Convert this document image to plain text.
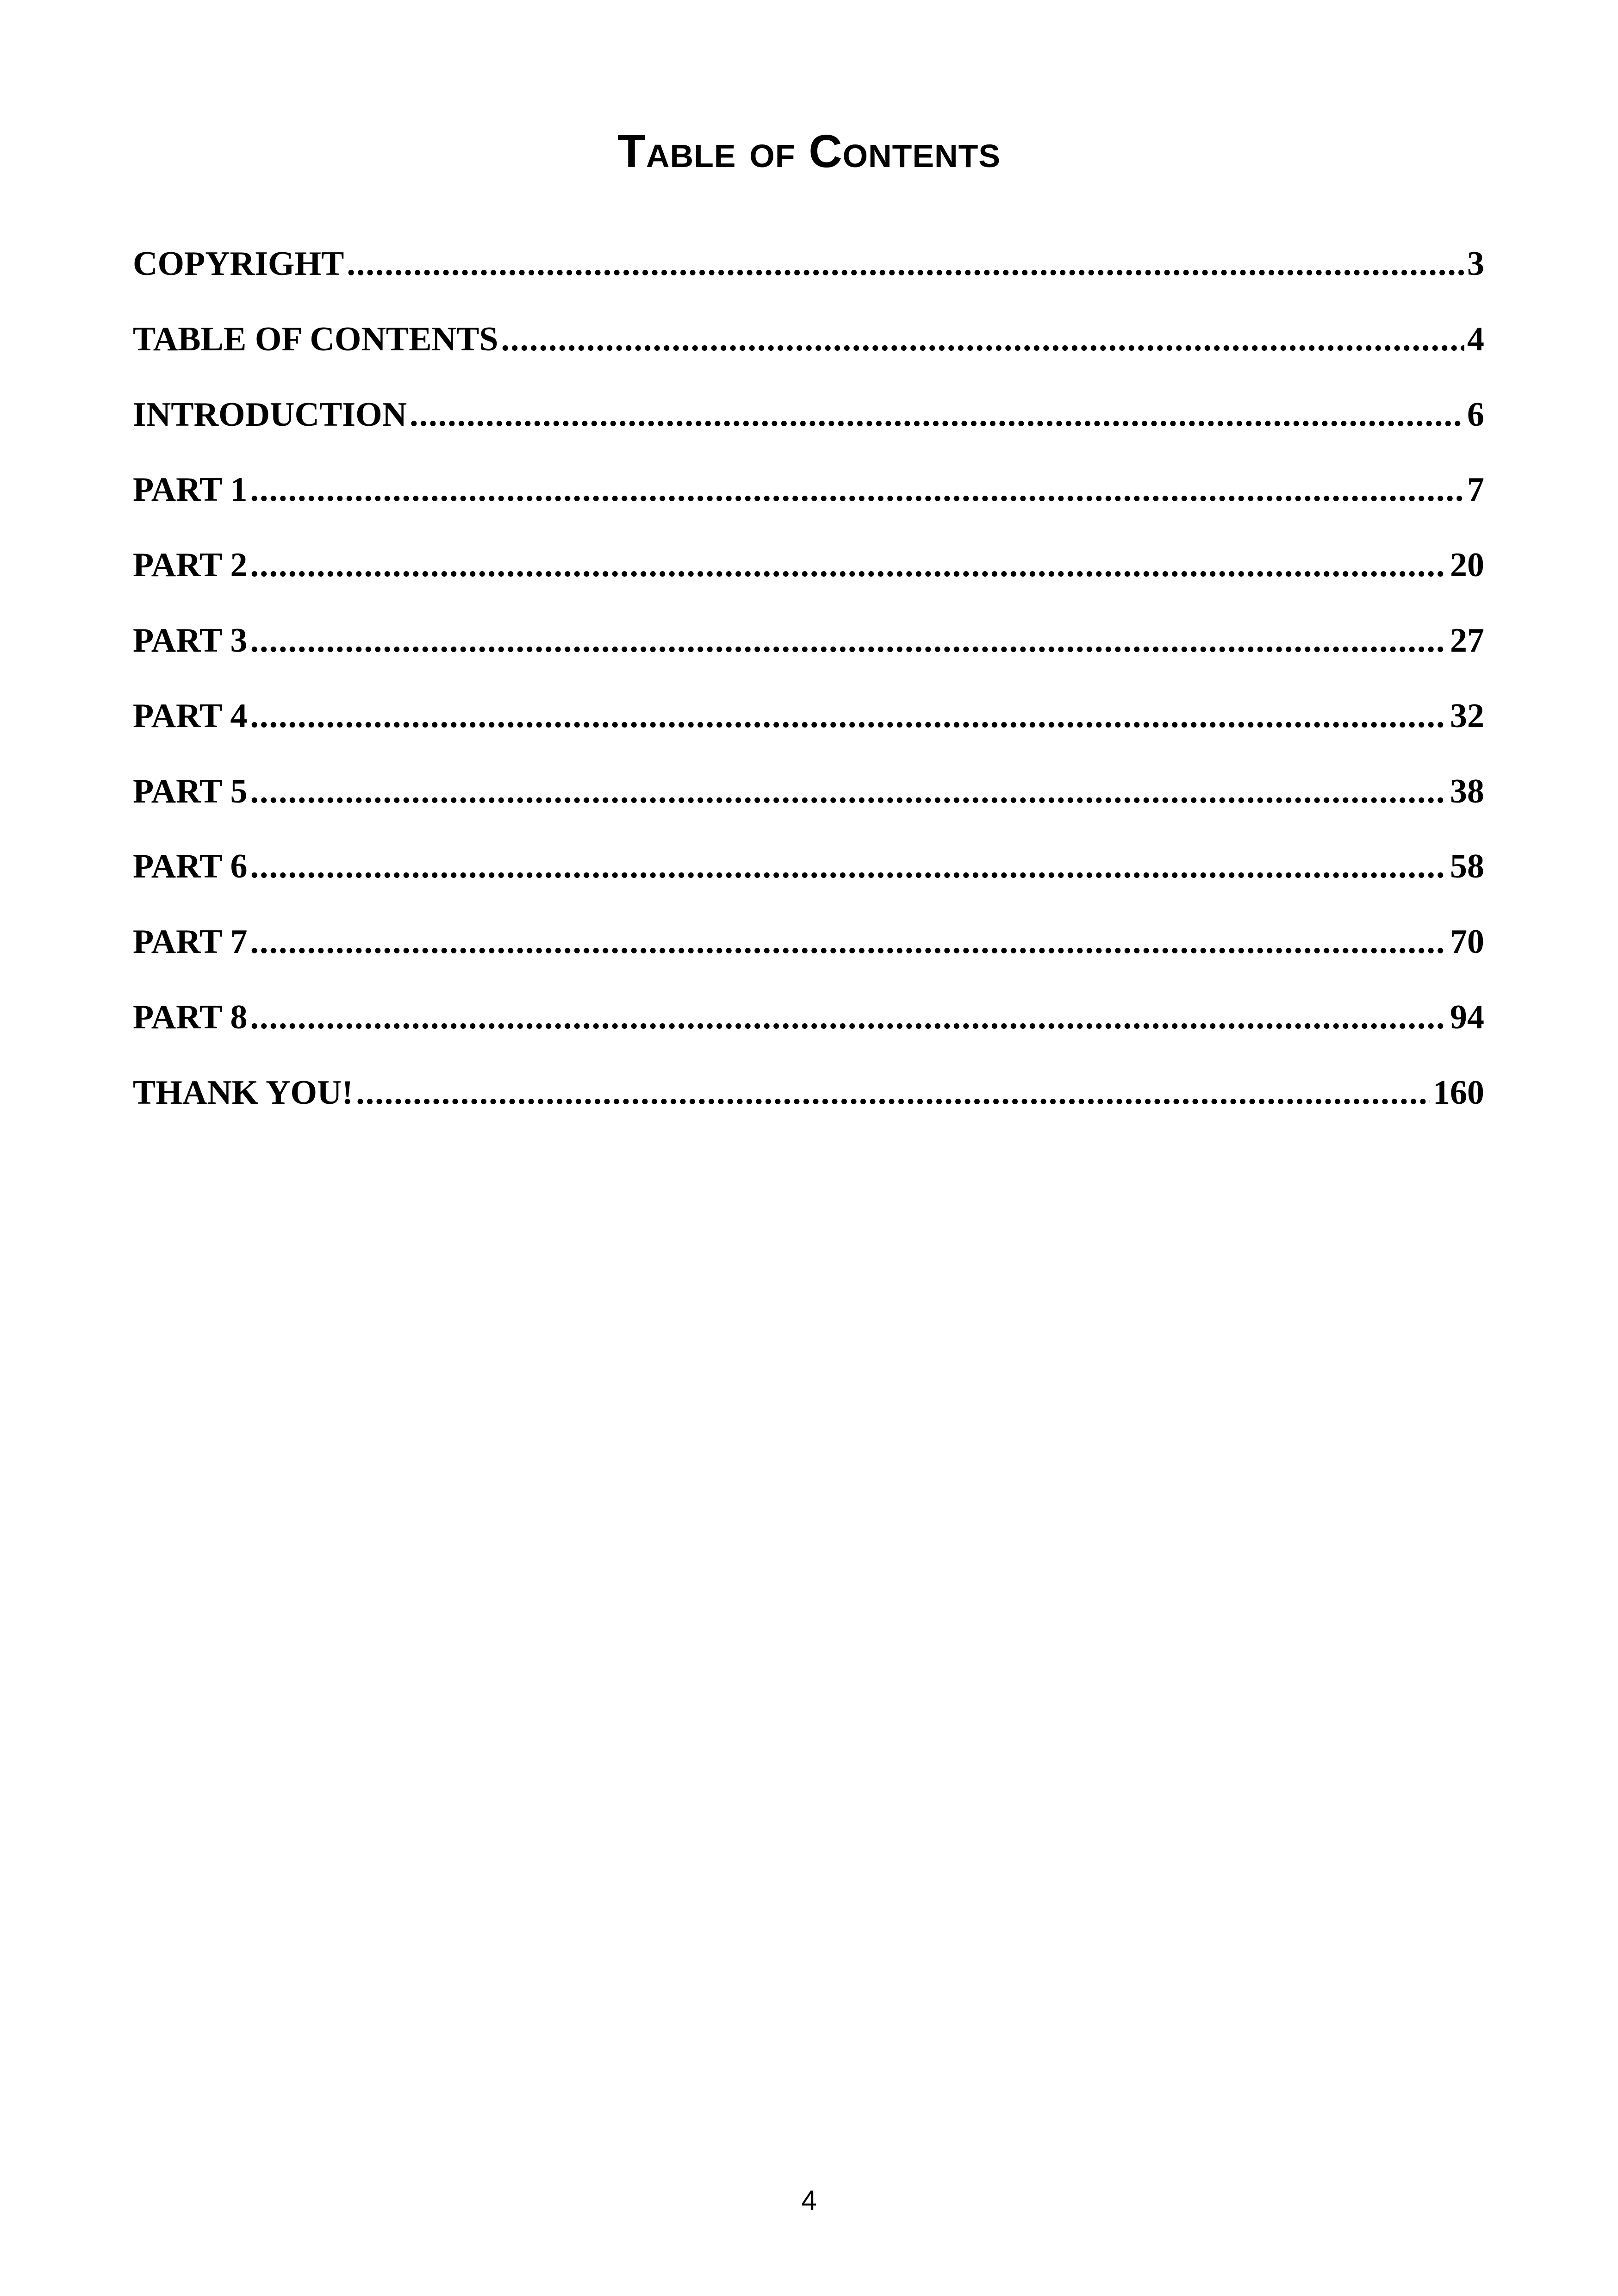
Table of Contents
COPYRIGHT .....	3
TABLE OF CONTENTS .....	4
INTRODUCTION .....	6
PART 1 .....	7
PART 2 .....	20
PART 3 .....	27
PART 4 .....	32
PART 5 .....	38
PART 6 .....	58
PART 7 .....	70
PART 8 .....	94
THANK YOU! .....	160
4
